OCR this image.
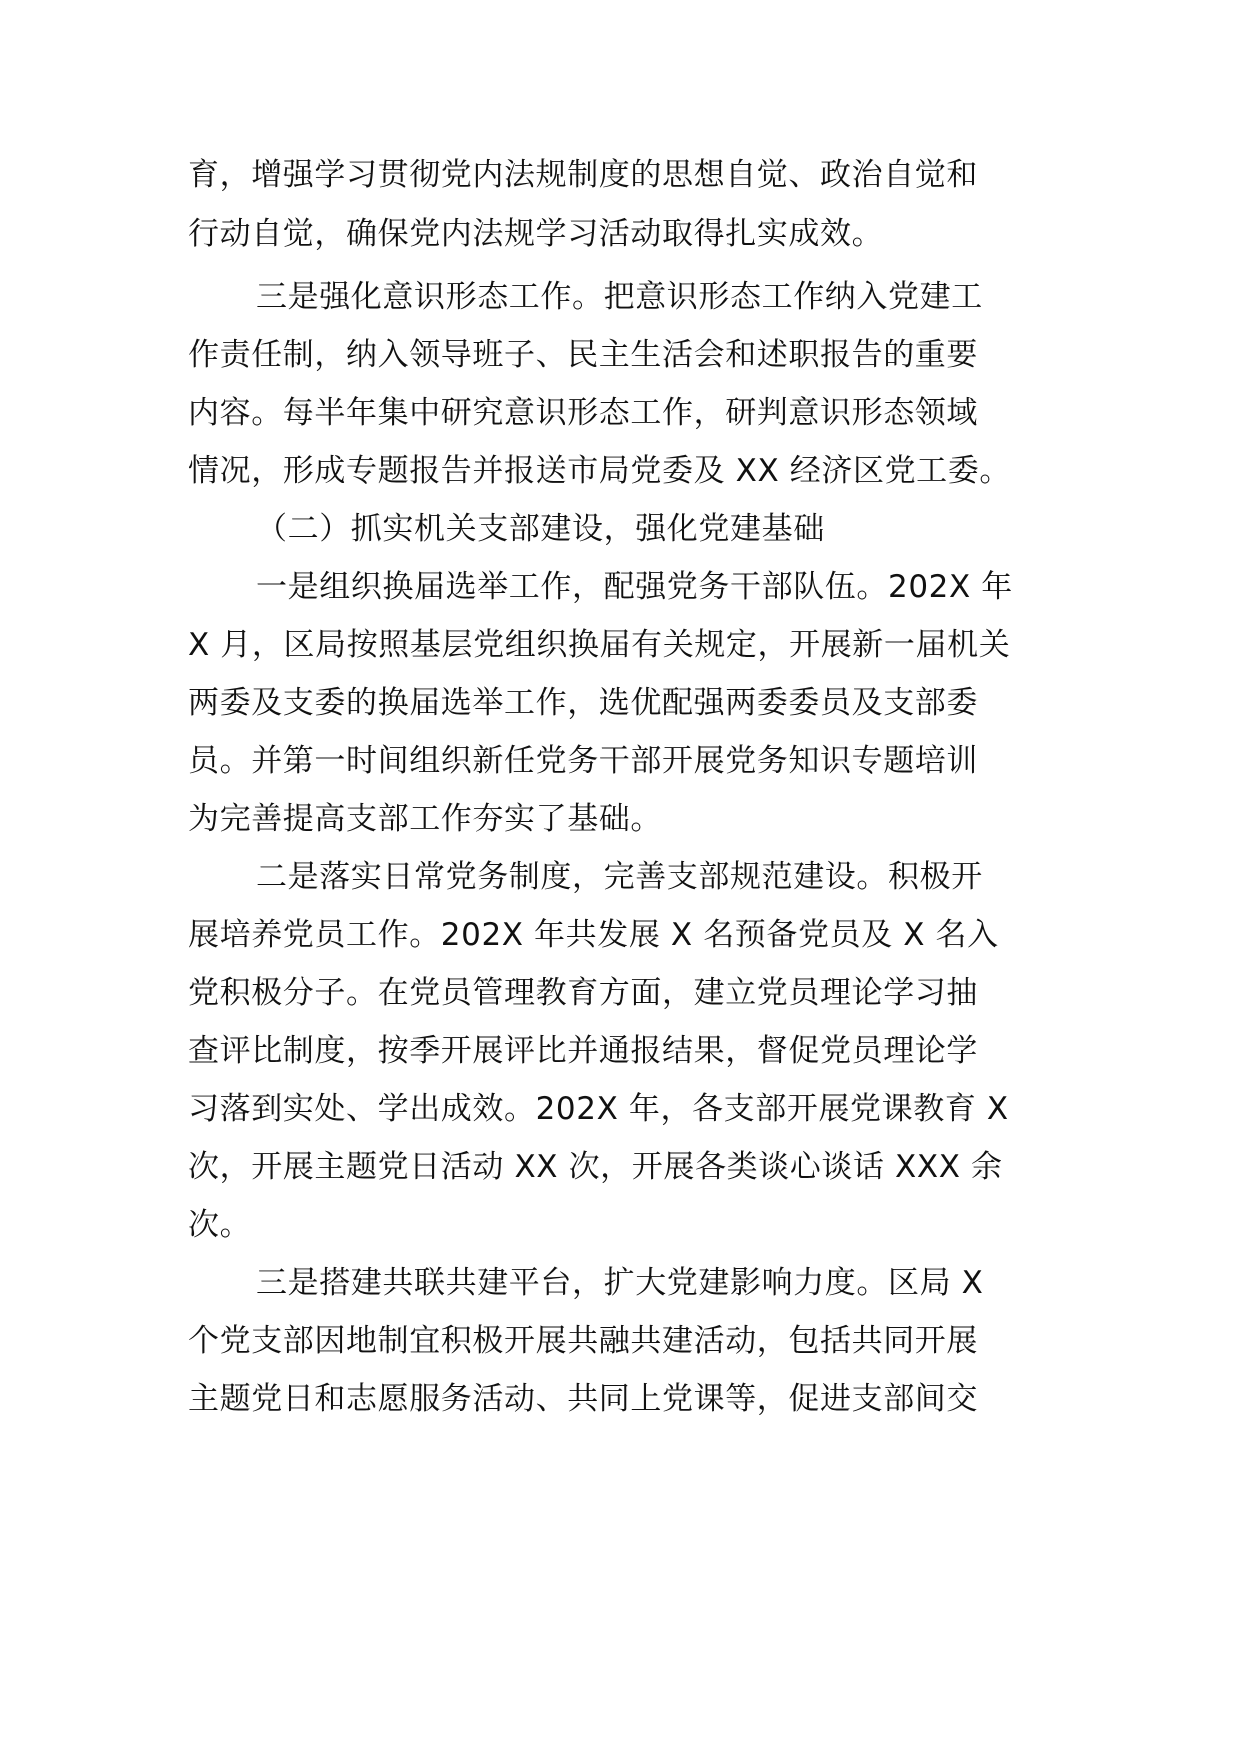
育，增强学习贯彻党内法规制度的思想自觉、政治自觉和
行动自觉，确保党内法规学习活动取得扎实成效。
三是强化意识形态工作。把意识形态工作纳入党建工
作责任制，纳入领导班子、民主生活会和述职报告的重要
内容。每半年集中研究意识形态工作，研判意识形态领域
情况，形成专题报告并报送市局党委及 XX 经济区党工委。
（二）抓实机关支部建设，强化党建基础
一是组织换届选举工作，配强党务干部队伍。202X 年
X 月，区局按照基层党组织换届有关规定，开展新一届机关
两委及支委的换届选举工作，选优配强两委委员及支部委
员。并第一时间组织新任党务干部开展党务知识专题培训
为完善提高支部工作夯实了基础。
二是落实日常党务制度，完善支部规范建设。积极开
展培养党员工作。202X 年共发展 X 名预备党员及 X 名入
党积极分子。在党员管理教育方面，建立党员理论学习抽
查评比制度，按季开展评比并通报结果，督促党员理论学
习落到实处、学出成效。202X 年，各支部开展党课教育 X
次，开展主题党日活动 XX 次，开展各类谈心谈话 XXX 余
次。
三是搭建共联共建平台，扩大党建影响力度。区局 X
个党支部因地制宜积极开展共融共建活动，包括共同开展
主题党日和志愿服务活动、共同上党课等，促进支部间交
